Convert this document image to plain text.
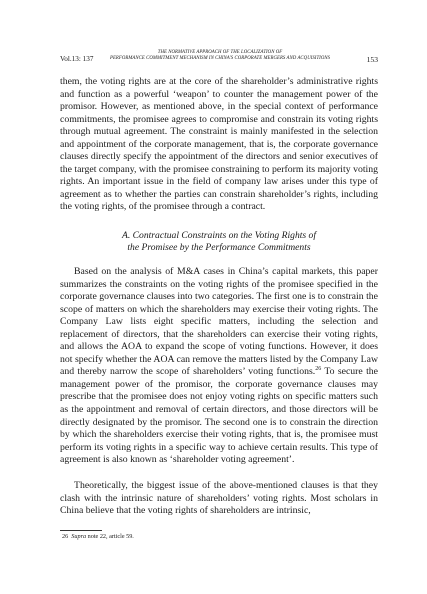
Vol.13: 137
THE NORMATIVE APPROACH OF THE LOCALIZATION OF
PERFORMANCE COMMITMENT MECHANISM IN CHINA'S CORPORATE MERGERS AND ACQUISITIONS	153

them, the voting rights are at the core of the shareholder’s administrative rights and function as a powerful ‘weapon’ to counter the management power of the promisor. However, as mentioned above, in the special context of performance commitments, the promisee agrees to compromise and constrain its voting rights through mutual agreement. The constraint is mainly manifested in the selection and appointment of the corporate management, that is, the corporate governance clauses directly specify the appointment of the directors and senior executives of the target company, with the promisee constraining to perform its majority voting rights. An important issue in the field of company law arises under this type of agreement as to whether the parties can constrain shareholder’s rights, including the voting rights, of the promisee through a contract.

A. Contractual Constraints on the Voting Rights of
the Promisee by the Performance Commitments

Based on the analysis of M&A cases in China’s capital markets, this paper summarizes the constraints on the voting rights of the promisee specified in the corporate governance clauses into two categories. The first one is to constrain the scope of matters on which the shareholders may exercise their voting rights. The Company Law lists eight specific matters, including the selection and replacement of directors, that the shareholders can exercise their voting rights, and allows the AOA to expand the scope of voting functions. However, it does not specify whether the AOA can remove the matters listed by the Company Law and thereby narrow the scope of shareholders’ voting functions.$^{26}$ To secure the management power of the promisor, the corporate governance clauses may prescribe that the promisee does not enjoy voting rights on specific matters such as the appointment and removal of certain directors, and those directors will be directly designated by the promisor. The second one is to constrain the direction by which the shareholders exercise their voting rights, that is, the promisee must perform its voting rights in a specific way to achieve certain results. This type of agreement is also known as ‘shareholder voting agreement’.

Theoretically, the biggest issue of the above-mentioned clauses is that they clash with the intrinsic nature of shareholders’ voting rights. Most scholars in China believe that the voting rights of shareholders are intrinsic,

26 Supra note 22, article 59.
